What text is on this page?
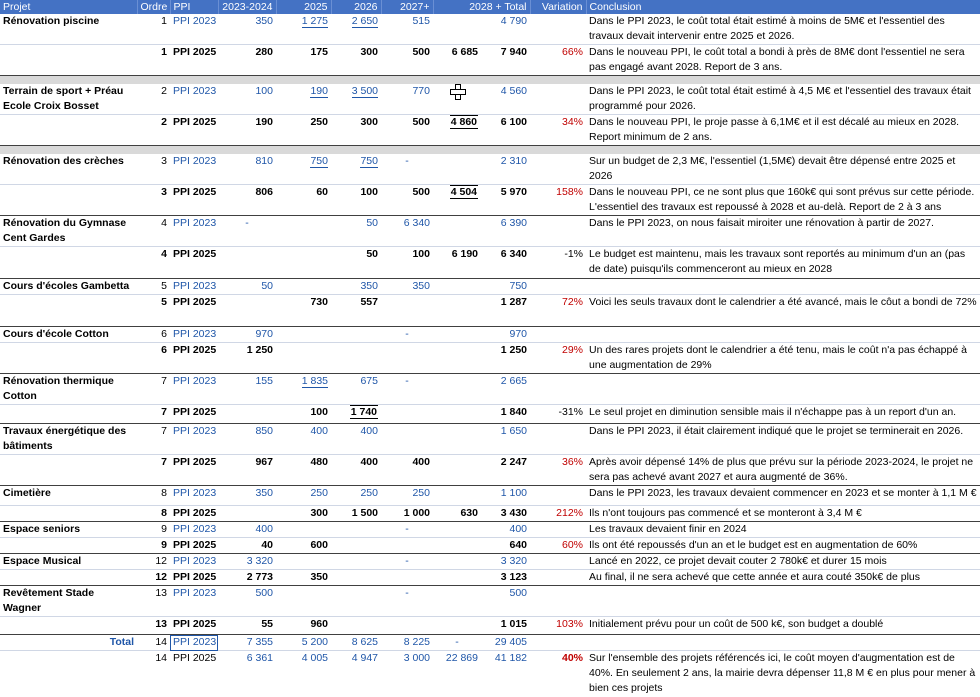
Projet	Ordre	PPI	2023-2024	2025	2026	2027+	2028 + Total		Variation	Conclusion
Rénovation piscine	1	PPI 2023	350	1 275	2 650	515		4 790		Dans le PPI 2023, le coût total était estimé à moins de 5M€ et l'essentiel des travaux devait intervenir entre 2025 et 2026.
	1	PPI 2025	280	175	300	500	6 685	7 940	66%	Dans le nouveau PPI, le coût total a bondi à près de 8M€ dont l'essentiel ne sera pas engagé avant 2028. Report de 3 ans.

Terrain de sport + Préau Ecole Croix Bosset	2	PPI 2023	100	190	3 500	770		4 560		Dans le PPI 2023, le coût total était estimé à 4,5 M€ et l'essentiel des travaux était programmé pour 2026.
	2	PPI 2025	190	250	300	500	4 860	6 100	34%	Dans le nouveau PPI, le proje passe à 6,1M€ et il est décalé au mieux en 2028. Report minimum de 2 ans.

Rénovation des crèches	3	PPI 2023	810	750	750	-		2 310		Sur un budget de 2,3 M€, l'essentiel (1,5M€) devait être dépensé entre 2025 et 2026
	3	PPI 2025	806	60	100	500	4 504	5 970	158%	Dans le nouveau PPI, ce ne sont plus que 160k€ qui sont prévus sur cette période. L'essentiel des travaux est repoussé à 2028 et au-delà. Report de 2 à 3 ans
Rénovation du Gymnase Cent Gardes	4	PPI 2023	-		50	6 340		6 390		Dans le PPI 2023, on nous faisait miroiter une rénovation à partir de 2027.
	4	PPI 2025			50	100	6 190	6 340	-1%	Le budget est maintenu, mais les travaux sont reportés au minimum d'un an (pas de date) puisqu'ils commenceront au mieux en 2028
Cours d'écoles Gambetta	5	PPI 2023	50		350	350		750		
	5	PPI 2025		730	557			1 287	72%	Voici les seuls travaux dont le calendrier a été avancé, mais le côut a bondi de 72%
Cours d'école Cotton	6	PPI 2023	970			-		970		
	6	PPI 2025	1 250					1 250	29%	Un des rares projets dont le calendrier a été tenu, mais le coût n'a pas échappé à une augmentation de 29%
Rénovation thermique Cotton	7	PPI 2023	155	1 835	675	-		2 665		
	7	PPI 2025		100	1 740			1 840	-31%	Le seul projet en diminution sensible mais il n'échappe pas à un report d'un an.
Travaux énergétique des bâtiments	7	PPI 2023	850	400	400			1 650		Dans le PPI 2023, il était clairement indiqué que le projet se terminerait en 2026.
	7	PPI 2025	967	480	400	400		2 247	36%	Après avoir dépensé 14% de plus que prévu sur la période 2023-2024, le projet ne sera pas achevé avant 2027 et aura augmenté de 36%.
Cimetière	8	PPI 2023	350	250	250	250		1 100		Dans le PPI 2023, les travaux devaient commencer en 2023 et se monter à 1,1 M €
	8	PPI 2025		300	1 500	1 000	630	3 430	212%	Ils n'ont toujours pas commencé et se monteront à 3,4 M €
Espace seniors	9	PPI 2023	400			-		400		Les travaux devaient finir en 2024
	9	PPI 2025	40	600				640	60%	Ils ont été repoussés d'un an et le budget est en augmentation de 60%
Espace Musical	12	PPI 2023	3 320			-		3 320		Lancé en 2022, ce projet devait couter 2 780k€ et durer 15 mois
	12	PPI 2025	2 773	350				3 123		Au final, il ne sera achevé que cette année et aura couté 350k€ de plus
Revêtement Stade Wagner	13	PPI 2023	500			-		500		
	13	PPI 2025	55	960				1 015	103%	Initialement prévu pour un coût de 500 k€, son budget a doublé
Total	14	PPI 2023	7 355	5 200	8 625	8 225	-	29 405		
	14	PPI 2025	6 361	4 005	4 947	3 000	22 869	41 182	40%	Sur l'ensemble des projets référencés ici, le coût moyen d'augmentation est de 40%. En seulement 2 ans, la mairie devra dépenser 11,8 M € en plus pour mener à bien ces projets
